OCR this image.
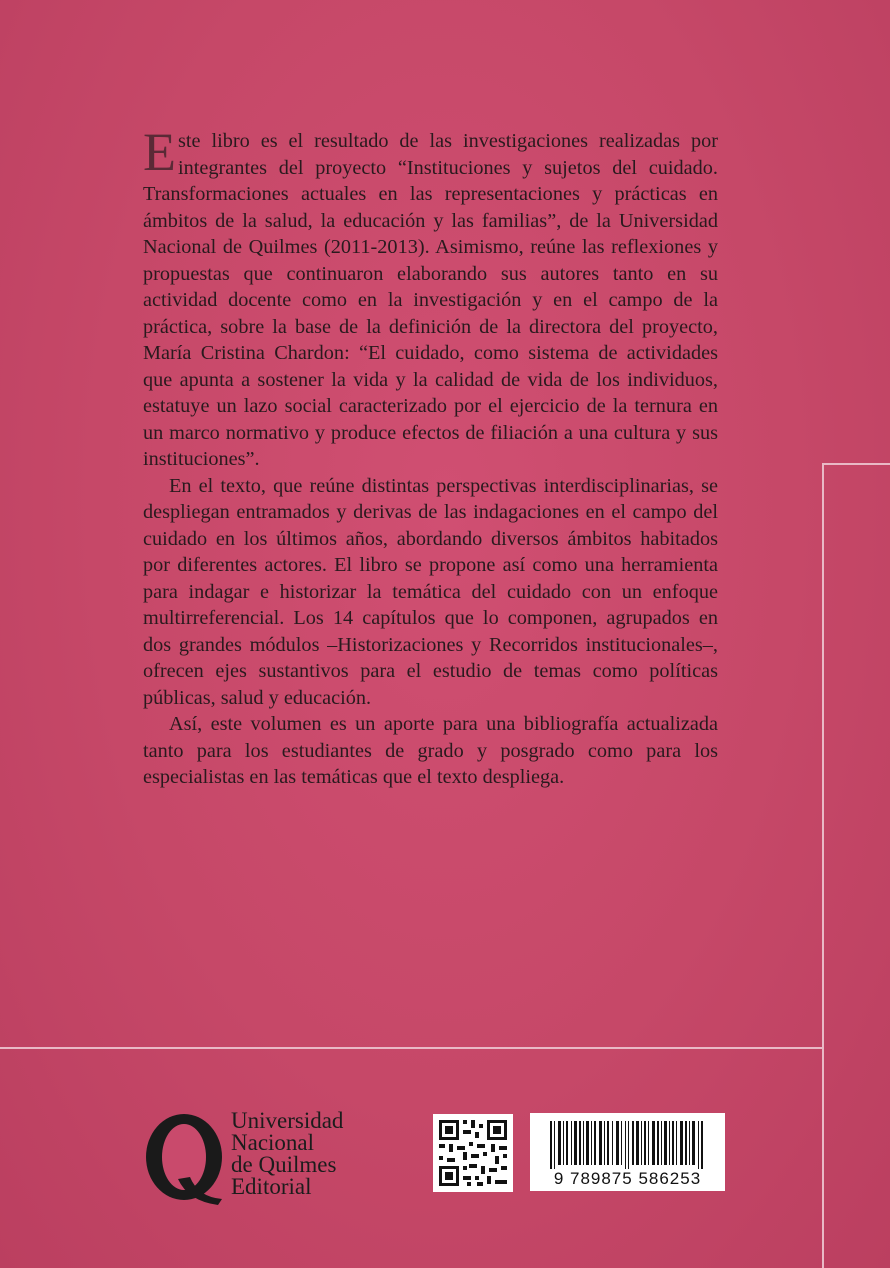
Este libro es el resultado de las investigaciones realizadas por integrantes del proyecto “Instituciones y sujetos del cuidado. Transformaciones actuales en las representaciones y prácticas en ámbitos de la salud, la educación y las familias”, de la Universidad Nacional de Quilmes (2011-2013). Asimismo, reúne las reflexiones y propuestas que continuaron elaborando sus autores tanto en su actividad docente como en la investigación y en el campo de la práctica, sobre la base de la definición de la directora del proyecto, María Cristina Chardon: “El cuidado, como sistema de actividades que apunta a sostener la vida y la calidad de vida de los individuos, estatuye un lazo social caracterizado por el ejercicio de la ternura en un marco normativo y produce efectos de filiación a una cultura y sus instituciones”.

En el texto, que reúne distintas perspectivas interdisciplinarias, se despliegan entramados y derivas de las indagaciones en el campo del cuidado en los últimos años, abordando diversos ámbitos habitados por diferentes actores. El libro se propone así como una herramienta para indagar e historizar la temática del cuidado con un enfoque multirreferencial. Los 14 capítulos que lo componen, agrupados en dos grandes módulos –Historizaciones y Recorridos institucionales–, ofrecen ejes sustantivos para el estudio de temas como políticas públicas, salud y educación.

Así, este volumen es un aporte para una bibliografía actualizada tanto para los estudiantes de grado y posgrado como para los especialistas en las temáticas que el texto despliega.

Universidad
Nacional
de Quilmes
Editorial	9 789875 586253
